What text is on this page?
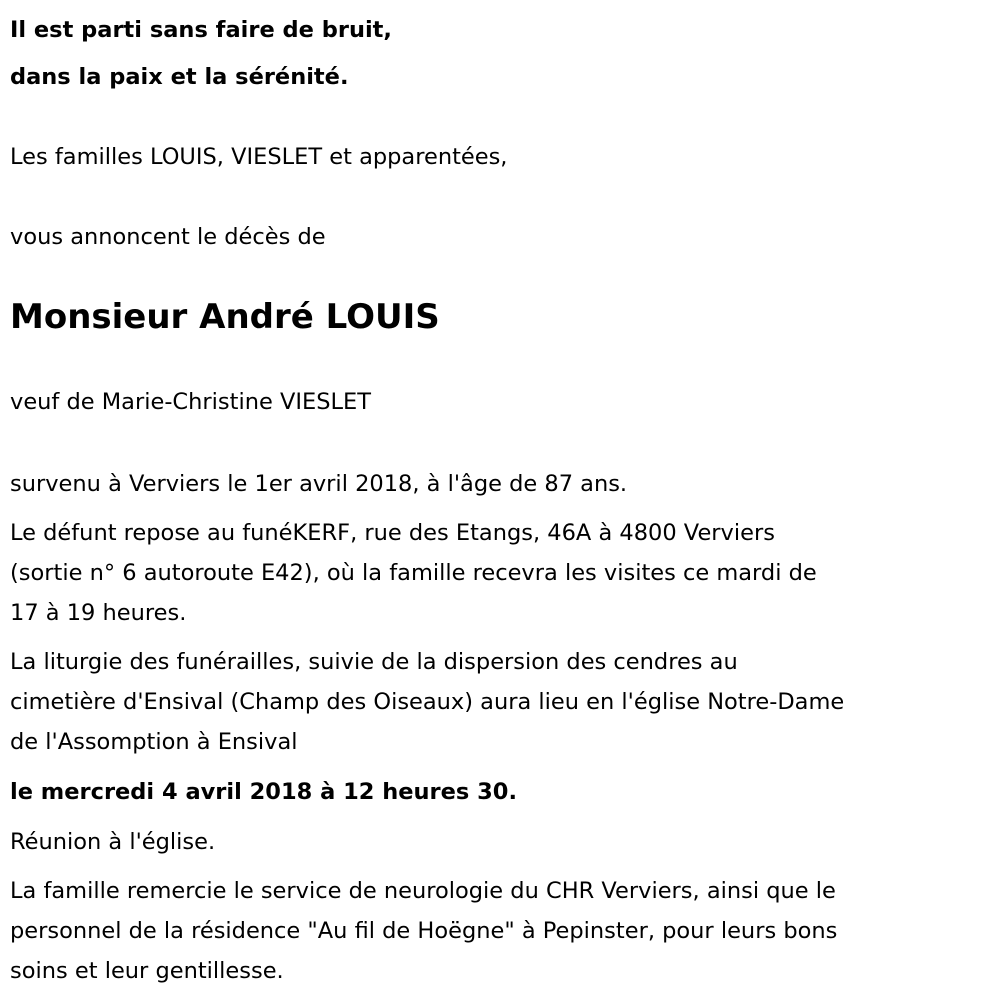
Il est parti sans faire de bruit,
dans la paix et la sérénité.
Les familles LOUIS, VIESLET et apparentées,
vous annoncent le décès de
Monsieur André LOUIS
veuf de Marie-Christine VIESLET
survenu à Verviers le 1er avril 2018, à l'âge de 87 ans.
Le défunt repose au funéKERF, rue des Etangs, 46A à 4800 Verviers
(sortie n° 6 autoroute E42), où la famille recevra les visites ce mardi de
17 à 19 heures.
La liturgie des funérailles, suivie de la dispersion des cendres au
cimetière d'Ensival (Champ des Oiseaux) aura lieu en l'église Notre-Dame
de l'Assomption à Ensival
le mercredi 4 avril 2018 à 12 heures 30.
Réunion à l'église.
La famille remercie le service de neurologie du CHR Verviers, ainsi que le
personnel de la résidence "Au fil de Hoëgne" à Pepinster, pour leurs bons
soins et leur gentillesse.
